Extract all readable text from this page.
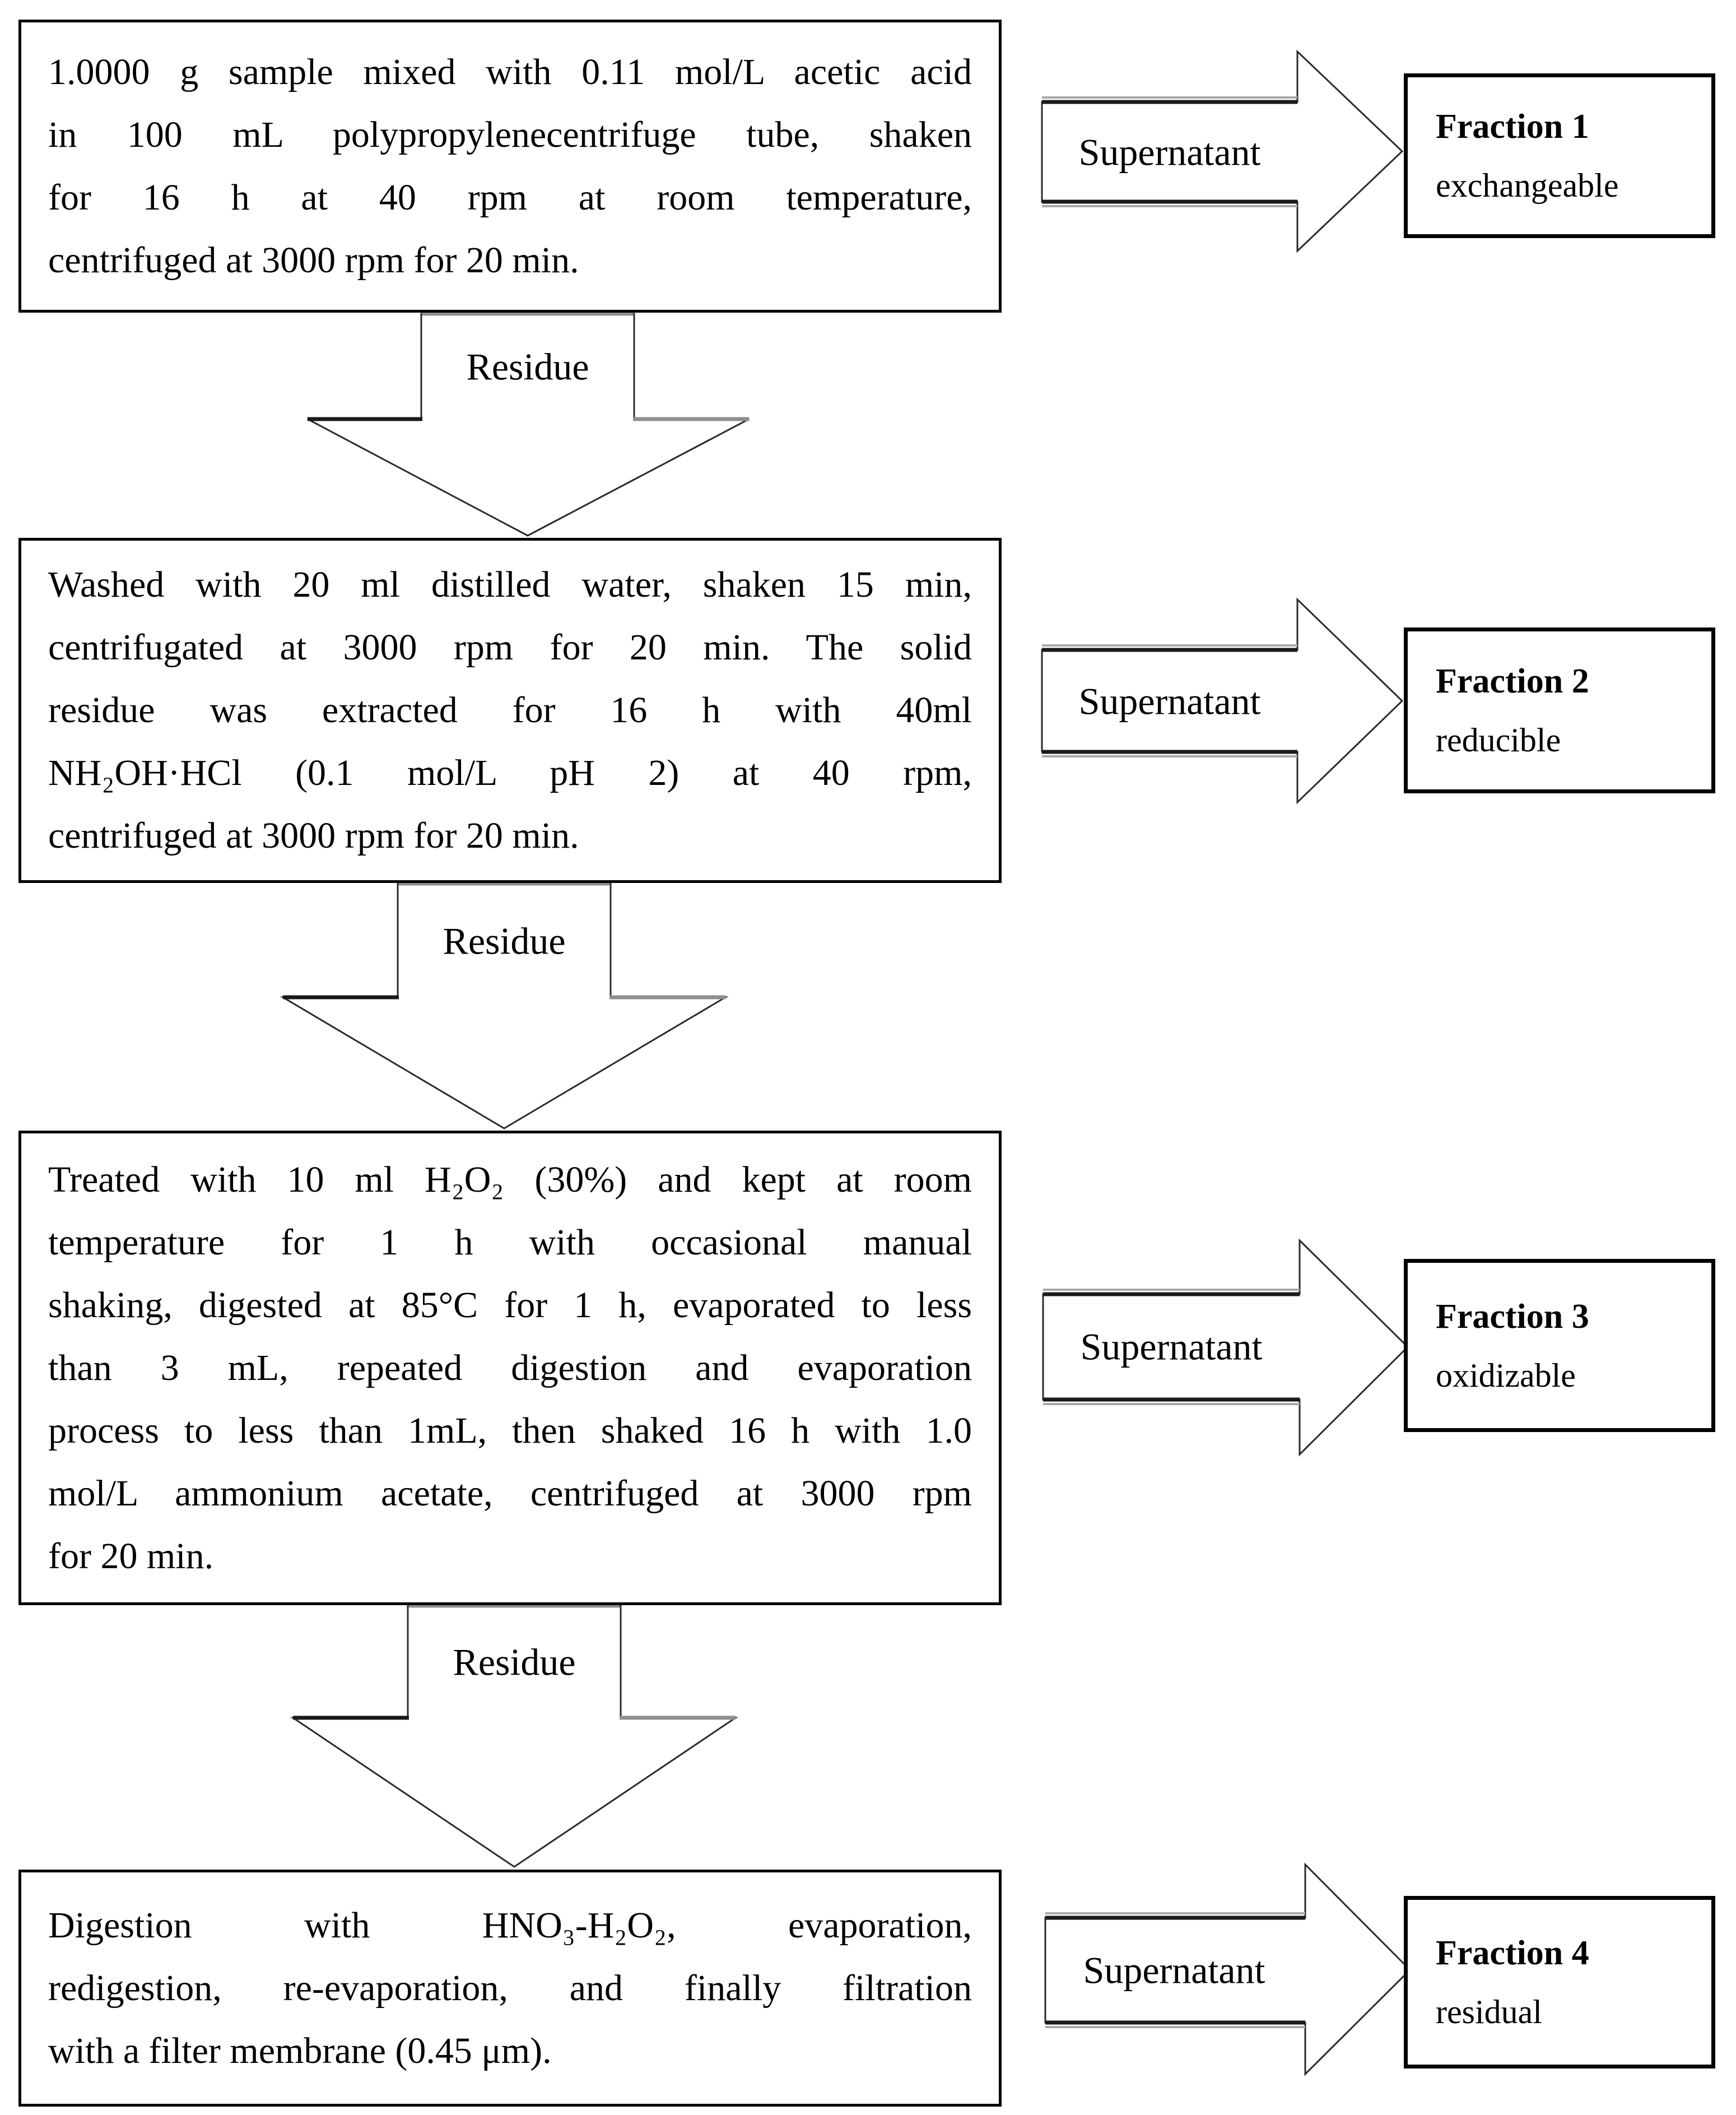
1.0000 g sample mixed with 0.11 mol/L acetic acid
in 100 mL polypropylenecentrifuge tube, shaken
for 16 h at 40 rpm at room temperature,
centrifuged at 3000 rpm for 20 min.
Washed with 20 ml distilled water, shaken 15 min,
centrifugated at 3000 rpm for 20 min. The solid
residue was extracted for 16 h with 40ml
NH₂OH·HCl (0.1 mol/L pH 2) at 40 rpm,
centrifuged at 3000 rpm for 20 min.
Treated with 10 ml H₂O₂ (30%) and kept at room
temperature for 1 h with occasional manual
shaking, digested at 85°C for 1 h, evaporated to less
than 3 mL, repeated digestion and evaporation
process to less than 1mL, then shaked 16 h with 1.0
mol/L ammonium acetate, centrifuged at 3000 rpm
for 20 min.
Digestion with HNO₃-H₂O₂, evaporation,
redigestion, re-evaporation, and finally filtration
with a filter membrane (0.45 μm).
Residue
Residue
Residue
Supernatant
Supernatant
Supernatant
Supernatant
Fraction 1
exchangeable
Fraction 2
reducible
Fraction 3
oxidizable
Fraction 4
residual
